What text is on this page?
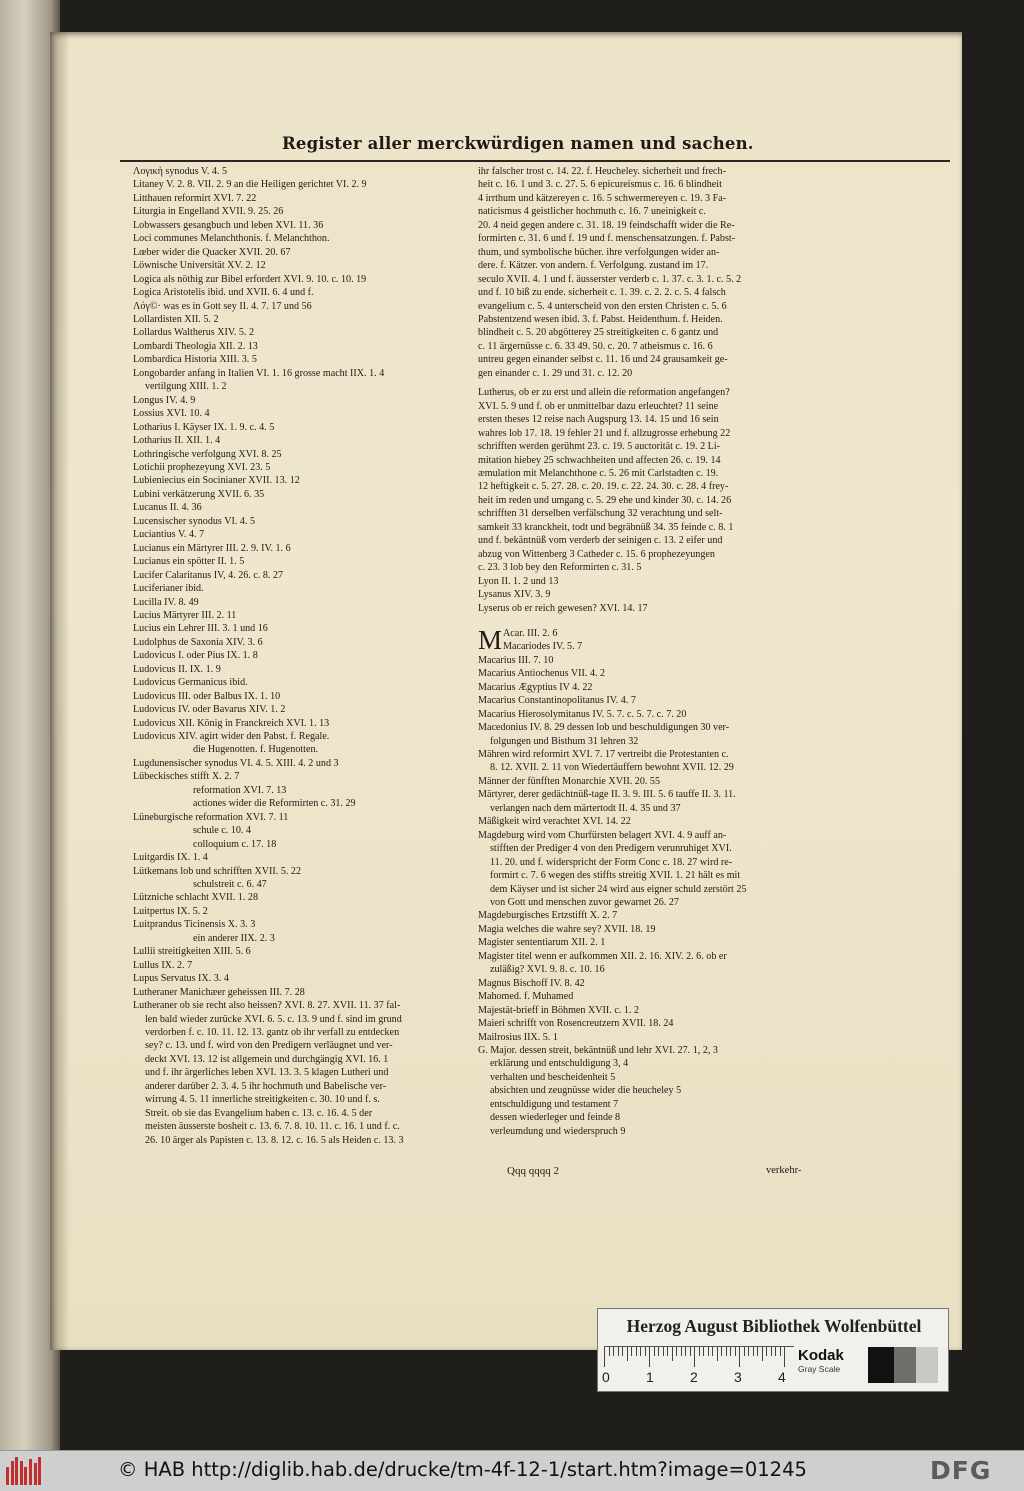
Register aller merckwürdigen namen und sachen.
Λογικὴ synodus V. 4. 5
Litaney V. 2. 8. VII. 2. 9 an die Heiligen gerichtet VI. 2. 9
Litthauen reformirt XVI. 7. 22
Liturgia in Engelland XVII. 9. 25. 26
Lobwassers gesangbuch und leben XVI. 11. 36
Loci communes Melanchthonis. f. Melanchthon.
Lœber wider die Quacker XVII. 20. 67
Löwnische Universität XV. 2. 12
Logica als nöthig zur Bibel erfordert XVI. 9. 10. c. 10. 19
Logica Aristotelis ibid. und XVII. 6. 4 und f.
Λόγ©· was es in Gott sey II. 4. 7. 17 und 56
Lollardisten XII. 5. 2
Lollardus Waltherus XIV. 5. 2
Lombardi Theologia XII. 2. 13
Lombardica Historia XIII. 3. 5
Longobarder anfang in Italien VI. 1. 16 grosse macht IIX. 1. 4
vertilgung XIII. 1. 2
Longus IV. 4. 9
Lossius XVI. 10. 4
Lotharius I. Käyser IX. 1. 9. c. 4. 5
Lotharius II. XII. 1. 4
Lothringische verfolgung XVI. 8. 25
Lotichii prophezeyung XVI. 23. 5
Lubieniecius ein Socinianer XVII. 13. 12
Lubini verkätzerung XVII. 6. 35
Lucanus II. 4. 36
Lucensischer synodus VI. 4. 5
Luciantius V. 4. 7
Lucianus ein Märtyrer III. 2. 9. IV. 1. 6
Lucianus ein spötter II. 1. 5
Lucifer Calaritanus IV, 4. 26. c. 8. 27
Luciferianer ibid.
Lucilla IV. 8. 49
Lucius Märtyrer III. 2. 11
Lucius ein Lehrer III. 3. 1 und 16
Ludolphus de Saxonia XIV. 3. 6
Ludovicus I. oder Pius IX. 1. 8
Ludovicus II. IX. 1. 9
Ludovicus Germanicus ibid.
Ludovicus III. oder Balbus IX. 1. 10
Ludovicus IV. oder Bavarus XIV. 1. 2
Ludovicus XII. König in Franckreich XVI. 1. 13
Ludovicus XIV. agirt wider den Pabst. f. Regale.
die Hugenotten. f. Hugenotten.
Lugdunensischer synodus VI. 4. 5. XIII. 4. 2 und 3
Lübeckisches stifft X. 2. 7
reformation XVI. 7. 13
actiones wider die Reformirten c. 31. 29
Lüneburgische reformation XVI. 7. 11
schule c. 10. 4
colloquium c. 17. 18
Luitgardis IX. 1. 4
Lütkemans lob und schrifften XVII. 5. 22
schulstreit c. 6. 47
Lützniche schlacht XVII. 1. 28
Luitpertus IX. 5. 2
Luitprandus Ticinensis X. 3. 3
ein anderer IIX. 2. 3
Lullii streitigkeiten XIII. 5. 6
Lullus IX. 2. 7
Lupus Servatus IX. 3. 4
Lutheraner Manichæer geheissen III. 7. 28
Lutheraner ob sie recht also heissen? XVI. 8. 27. XVII. 11. 37 fal-
len bald wieder zurücke XVI. 6. 5. c. 13. 9 und f. sind im grund
verdorben f. c. 10. 11. 12. 13. gantz ob ihr verfall zu entdecken
sey? c. 13. und f. wird von den Predigern verläugnet und ver-
deckt XVI. 13. 12 ist allgemein und durchgängig XVI. 16. 1
und f. ihr ärgerliches leben XVI. 13. 3. 5 klagen Lutheri und
anderer darüber 2. 3. 4. 5 ihr hochmuth und Babelische ver-
wirrung 4. 5. 11 innerliche streitigkeiten c. 30. 10 und f. s.
Streit. ob sie das Evangelium haben c. 13. c. 16. 4. 5 der
meisten äusserste bosheit c. 13. 6. 7. 8. 10. 11. c. 16. 1 und f. c.
26. 10 ärger als Papisten c. 13. 8. 12. c. 16. 5 als Heiden c. 13. 3
ihr falscher trost c. 14. 22. f. Heucheley. sicherheit und frech-
heit c. 16. 1 und 3. c. 27. 5. 6 epicureismus c. 16. 6 blindheit
4 irrthum und kätzereyen c. 16. 5 schwermereyen c. 19. 3 Fa-
naticismus 4 geistlicher hochmuth c. 16. 7 uneinigkeit c.
20. 4 neid gegen andere c. 31. 18. 19 feindschafft wider die Re-
formirten c. 31. 6 und f. 19 und f. menschensatzungen. f. Pabst-
thum, und symbolische bücher. ihre verfolgungen wider an-
dere. f. Kätzer. von andern. f. Verfolgung. zustand im 17.
seculo XVII. 4. 1 und f. äusserster verderb c. 1. 37. c. 3. 1. c. 5. 2
und f. 10 biß zu ende. sicherheit c. 1. 39. c. 2. 2. c. 5. 4 falsch
evangelium c. 5. 4 unterscheid von den ersten Christen c. 5. 6
Pabstentzend wesen ibid. 3. f. Pabst. Heidenthum. f. Heiden.
blindheit c. 5. 20 abgötterey 25 streitigkeiten c. 6 gantz und
c. 11 ärgernüsse c. 6. 33 49. 50. c. 20. 7 atheismus c. 16. 6
untreu gegen einander selbst c. 11. 16 und 24 grausamkeit ge-
gen einander c. 1. 29 und 31. c. 12. 20
Lutherus, ob er zu erst und allein die reformation angefangen?
XVI. 5. 9 und f. ob er unmittelbar dazu erleuchtet? 11 seine
ersten theses 12 reise nach Augspurg 13. 14. 15 und 16 sein
wahres lob 17. 18. 19 fehler 21 und f. allzugrosse erhebung 22
schrifften werden gerühmt 23. c. 19. 5 auctorität c. 19. 2 Li-
mitation hiebey 25 schwachheiten und affecten 26. c. 19. 14
æmulation mit Melanchthone c. 5. 26 mit Carlstadten c. 19.
12 heftigkeit c. 5. 27. 28. c. 20. 19. c. 22. 24. 30. c. 28. 4 frey-
heit im reden und umgang c. 5. 29 ehe und kinder 30. c. 14. 26
schrifften 31 derselben verfälschung 32 verachtung und selt-
samkeit 33 kranckheit, todt und begräbnüß 34. 35 feinde c. 8. 1
und f. bekäntnüß vom verderb der seinigen c. 13. 2 eifer und
abzug von Wittenberg 3 Catheder c. 15. 6 prophezeyungen
c. 23. 3 lob bey den Reformirten c. 31. 5
Lyon II. 1. 2 und 13
Lysanus XIV. 3. 9
Lyserus ob er reich gewesen? XVI. 14. 17
M Acar. III. 2. 6
Macariodes IV. 5. 7
Macarius III. 7. 10
Macarius Antiochenus VII. 4. 2
Macarius Ægyptius IV 4. 22
Macarius Constantinopolitanus IV. 4. 7
Macarius Hierosolymitanus IV. 5. 7. c. 5. 7. c. 7. 20
Macedonius IV. 8. 29 dessen lob und beschuldigungen 30 ver-
folgungen und Bisthum 31 lehren 32
Mähren wird reformirt XVI. 7. 17 vertreibt die Protestanten c.
8. 12. XVII. 2. 11 von Wiedertäuffern bewohnt XVII. 12. 29
Männer der fünfften Monarchie XVII. 20. 55
Märtyrer, derer gedächtnüß-tage II. 3. 9. III. 5. 6 tauffe II. 3. 11.
verlangen nach dem märtertodt II. 4. 35 und 37
Mäßigkeit wird verachtet XVI. 14. 22
Magdeburg wird vom Churfürsten belagert XVI. 4. 9 auff an-
stifften der Prediger 4 von den Predigern verunruhiget XVI.
11. 20. und f. widerspricht der Form Conc c. 18. 27 wird re-
formirt c. 7. 6 wegen des stiffts streitig XVII. 1. 21 hält es mit
dem Käyser und ist sicher 24 wird aus eigner schuld zerstört 25
von Gott und menschen zuvor gewarnet 26. 27
Magdeburgisches Ertzstifft X. 2. 7
Magia welches die wahre sey? XVII. 18. 19
Magister sententiarum XII. 2. 1
Magister titel wenn er aufkommen XII. 2. 16. XIV. 2. 6. ob er
zuläßig? XVI. 9. 8. c. 10. 16
Magnus Bischoff IV. 8. 42
Mahomed. f. Muhamed
Majestät-brieff in Böhmen XVII. c. 1. 2
Maieri schrifft von Rosencreutzern XVII. 18. 24
Mailrosius IIX. 5. 1
G. Major. dessen streit, bekäntnüß und lehr XVI. 27. 1, 2, 3
erklärung und entschuldigung 3, 4
verhalten und bescheidenheit 5
absichten und zeugnüsse wider die heucheley 5
entschuldigung und testament 7
dessen wiederleger und feinde 8
verleumdung und wiederspruch 9
Qqq qqqq 2	verkehr-
Herzog August Bibliothek Wolfenbüttel
0	1	2	3	4
Kodak
Gray Scale
© HAB http://diglib.hab.de/drucke/tm-4f-12-1/start.htm?image=01245	DFG
